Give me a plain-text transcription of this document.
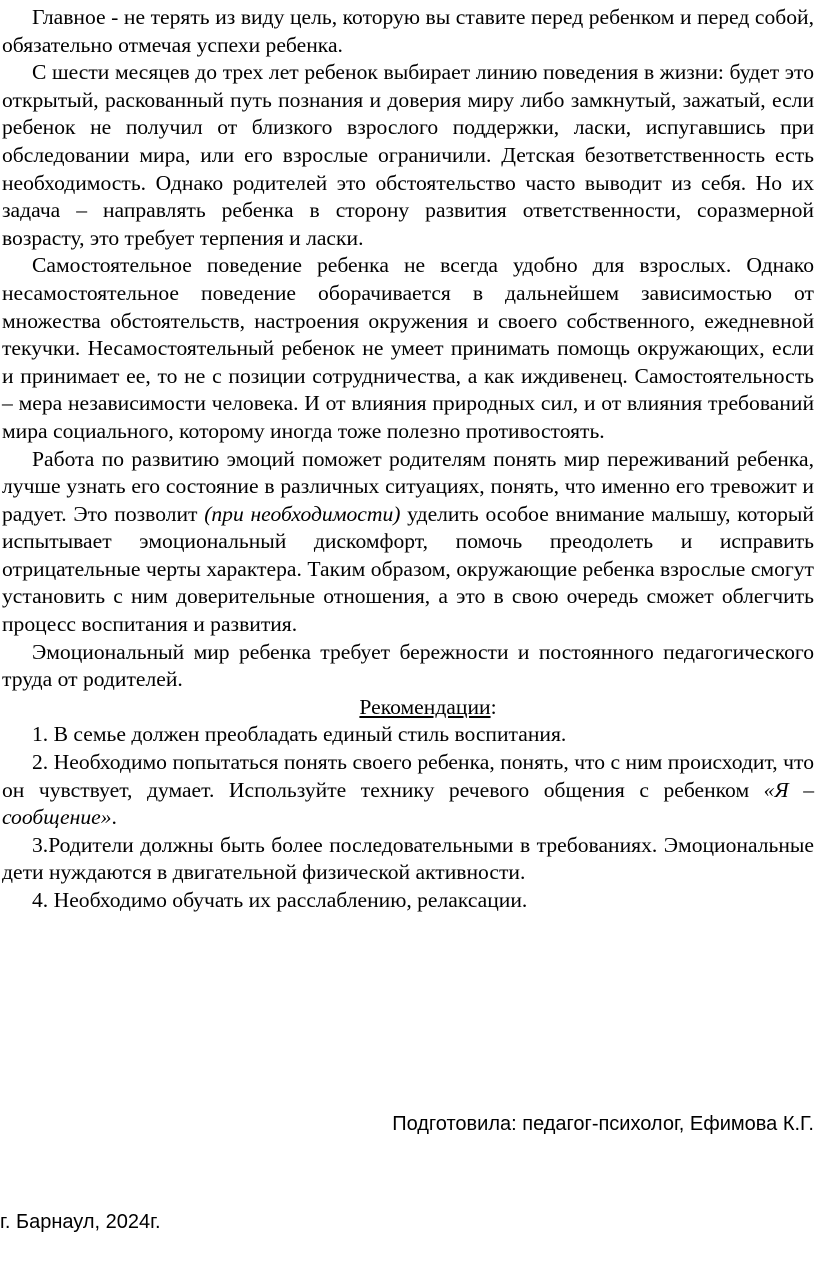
Главное - не терять из виду цель, которую вы ставите перед ребенком и перед собой, обязательно отмечая успехи ребенка.

С шести месяцев до трех лет ребенок выбирает линию поведения в жизни: будет это открытый, раскованный путь познания и доверия миру либо замкнутый, зажатый, если ребенок не получил от близкого взрослого поддержки, ласки, испугавшись при обследовании мира, или его взрослые ограничили. Детская безответственность есть необходимость. Однако родителей это обстоятельство часто выводит из себя. Но их задача – направлять ребенка в сторону развития ответственности, соразмерной возрасту, это требует терпения и ласки.

Самостоятельное поведение ребенка не всегда удобно для взрослых. Однако несамостоятельное поведение оборачивается в дальнейшем зависимостью от множества обстоятельств, настроения окружения и своего собственного, ежедневной текучки. Несамостоятельный ребенок не умеет принимать помощь окружающих, если и принимает ее, то не с позиции сотрудничества, а как иждивенец. Самостоятельность – мера независимости человека. И от влияния природных сил, и от влияния требований мира социального, которому иногда тоже полезно противостоять.

Работа по развитию эмоций поможет родителям понять мир переживаний ребенка, лучше узнать его состояние в различных ситуациях, понять, что именно его тревожит и радует. Это позволит (при необходимости) уделить особое внимание малышу, который испытывает эмоциональный дискомфорт, помочь преодолеть и исправить отрицательные черты характера. Таким образом, окружающие ребенка взрослые смогут установить с ним доверительные отношения, а это в свою очередь сможет облегчить процесс воспитания и развития.

Эмоциональный мир ребенка требует бережности и постоянного педагогического труда от родителей.

Рекомендации:

1. В семье должен преобладать единый стиль воспитания.

2. Необходимо попытаться понять своего ребенка, понять, что с ним происходит, что он чувствует, думает. Используйте технику речевого общения с ребенком «Я – сообщение».

3.Родители должны быть более последовательными в требованиях. Эмоциональные дети нуждаются в двигательной физической активности.

4. Необходимо обучать их расслаблению, релаксации.

Подготовила: педагог-психолог, Ефимова К.Г.
г. Барнаул, 2024г.
